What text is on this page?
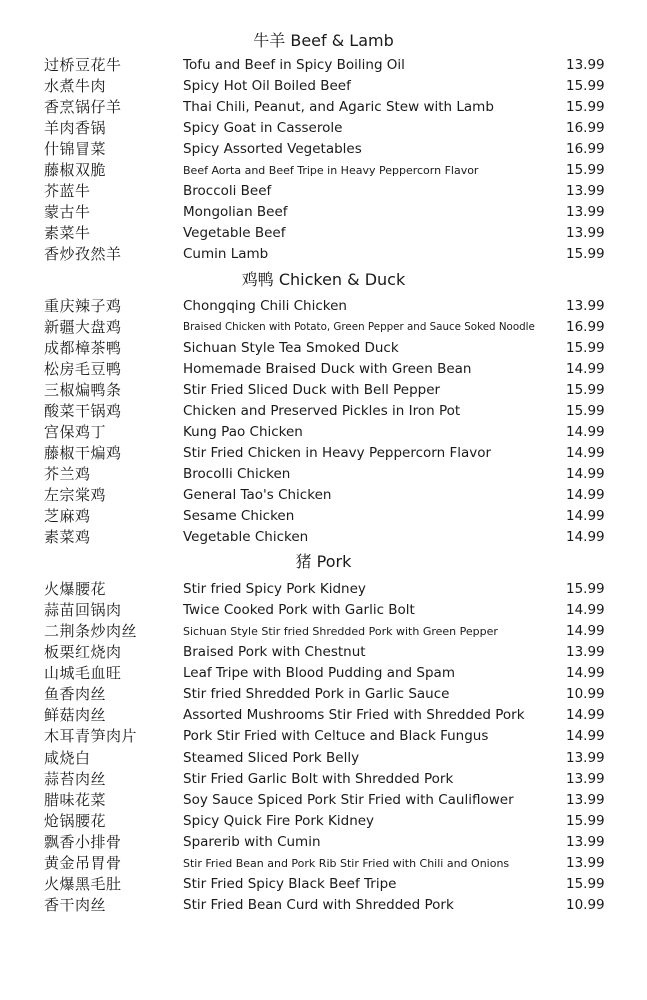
牛羊 Beef & Lamb
过桥豆花牛	Tofu and Beef in Spicy Boiling Oil	13.99
水煮牛肉	Spicy Hot Oil Boiled Beef	15.99
香烹锅仔羊	Thai Chili, Peanut, and Agaric Stew with Lamb	15.99
羊肉香锅	Spicy Goat in Casserole	16.99
什锦冒菜	Spicy Assorted Vegetables	16.99
藤椒双脆	Beef Aorta and Beef Tripe in Heavy Peppercorn Flavor	15.99
芥蓝牛	Broccoli Beef	13.99
蒙古牛	Mongolian Beef	13.99
素菜牛	Vegetable Beef	13.99
香炒孜然羊	Cumin Lamb	15.99
鸡鸭 Chicken & Duck
重庆辣子鸡	Chongqing Chili Chicken	13.99
新疆大盘鸡	Braised Chicken with Potato, Green Pepper and Sauce Soked Noodle 16.99
成都樟茶鸭	Sichuan Style Tea Smoked Duck	15.99
松房毛豆鸭	Homemade Braised Duck with Green Bean	14.99
三椒煸鸭条	Stir Fried Sliced Duck with Bell Pepper	15.99
酸菜干锅鸡	Chicken and Preserved Pickles in Iron Pot	15.99
宫保鸡丁	Kung Pao Chicken	14.99
藤椒干煸鸡	Stir Fried Chicken in Heavy Peppercorn Flavor	14.99
芥兰鸡	Brocolli Chicken	14.99
左宗棠鸡	General Tao's Chicken	14.99
芝麻鸡	Sesame Chicken	14.99
素菜鸡	Vegetable Chicken	14.99
猪 Pork
火爆腰花	Stir fried Spicy Pork Kidney	15.99
蒜苗回锅肉	Twice Cooked Pork with Garlic Bolt	14.99
二荆条炒肉丝	Sichuan Style Stir fried Shredded Pork with Green Pepper	14.99
板栗红烧肉	Braised Pork with Chestnut	13.99
山城毛血旺	Leaf Tripe with Blood Pudding and Spam	14.99
鱼香肉丝	Stir fried Shredded Pork in Garlic Sauce	10.99
鲜菇肉丝	Assorted Mushrooms Stir Fried with Shredded Pork	14.99
木耳青笋肉片	Pork Stir Fried with Celtuce and Black Fungus	14.99
咸烧白	Steamed Sliced Pork Belly	13.99
蒜苔肉丝	Stir Fried Garlic Bolt with Shredded Pork	13.99
腊味花菜	Soy Sauce Spiced Pork Stir Fried with Cauliflower	13.99
炝锅腰花	Spicy Quick Fire Pork Kidney	15.99
飘香小排骨	Sparerib with Cumin	13.99
黄金吊胃骨	Stir Fried Bean and Pork Rib Stir Fried with Chili and Onions	13.99
火爆黑毛肚	Stir Fried Spicy Black Beef Tripe	15.99
香干肉丝	Stir Fried Bean Curd with Shredded Pork	10.99
